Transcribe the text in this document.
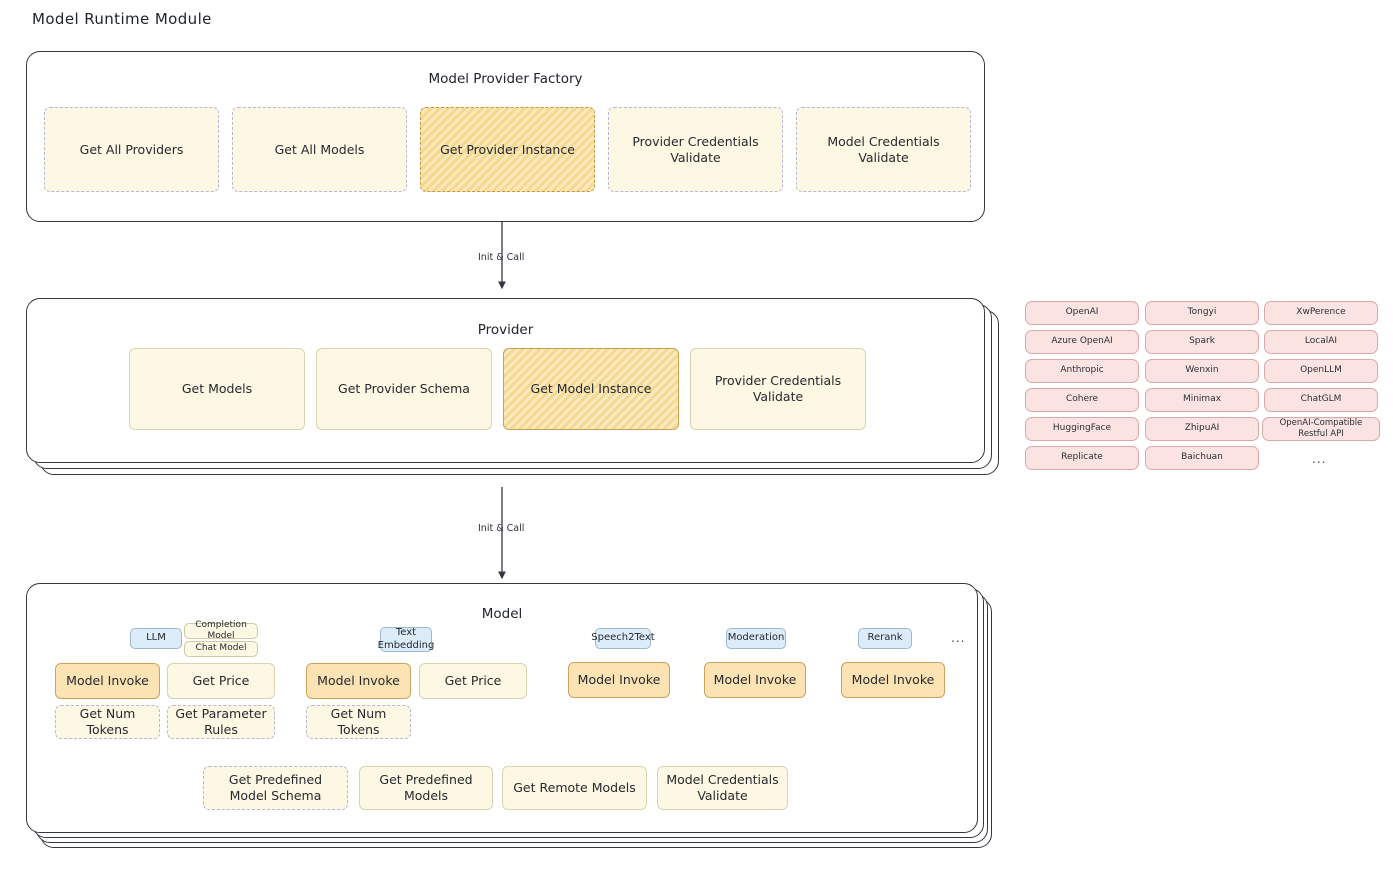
Model Runtime Module
Init & Call
Init & Call
Model Provider Factory
Get All Providers	Get All Models	Get Provider Instance
Provider Credentials Validate
Model Credentials Validate
Provider
Get Models	Get Provider Schema	Get Model Instance
Provider Credentials Validate
OpenAI
Azure OpenAI
Anthropic
Cohere
HuggingFace
Replicate
Tongyi
Spark
Wenxin
Minimax
ZhipuAI
Baichuan
XwPerence
LocalAI
OpenLLM
ChatGLM
OpenAI-Compatible Restful API
...
Model
LLM
Completion Model
Chat Model
Text Embedding
Speech2Text	Moderation	Rerank	...
Model Invoke	Get Price
Get Num Tokens
Get Parameter Rules
Model Invoke	Get Price
Get Num Tokens
Model Invoke	Model Invoke	Model Invoke
Get Predefined Model Schema
Get Predefined Models
Get Remote Models
Model Credentials Validate
